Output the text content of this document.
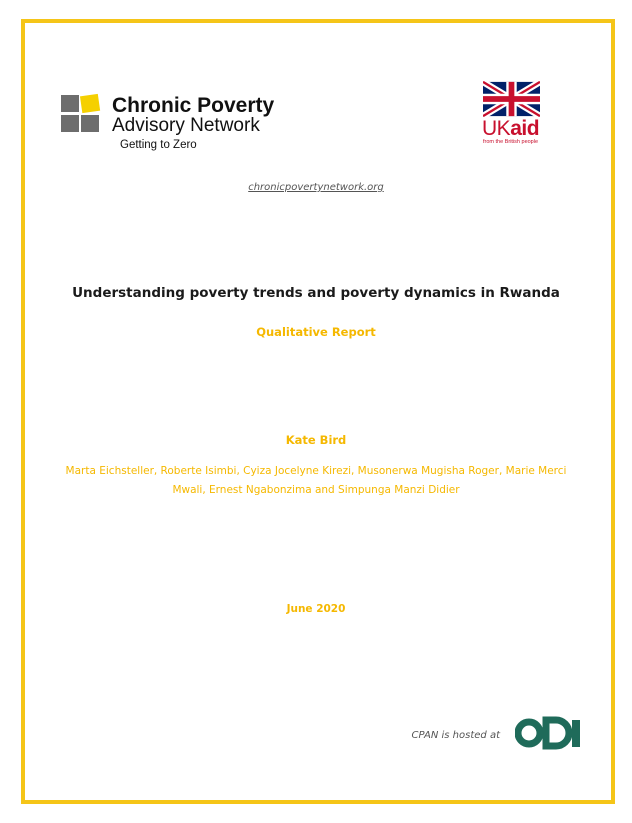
Chronic Poverty
Advisory Network
Getting to Zero
UKaid
from the British people
chronicpovertynetwork.org
Understanding poverty trends and poverty dynamics in Rwanda
Qualitative Report
Kate Bird
Marta Eichsteller, Roberte Isimbi, Cyiza Jocelyne Kirezi, Musonerwa Mugisha Roger, Marie Merci Mwali, Ernest Ngabonzima and Simpunga Manzi Didier
June 2020
CPAN is hosted at
